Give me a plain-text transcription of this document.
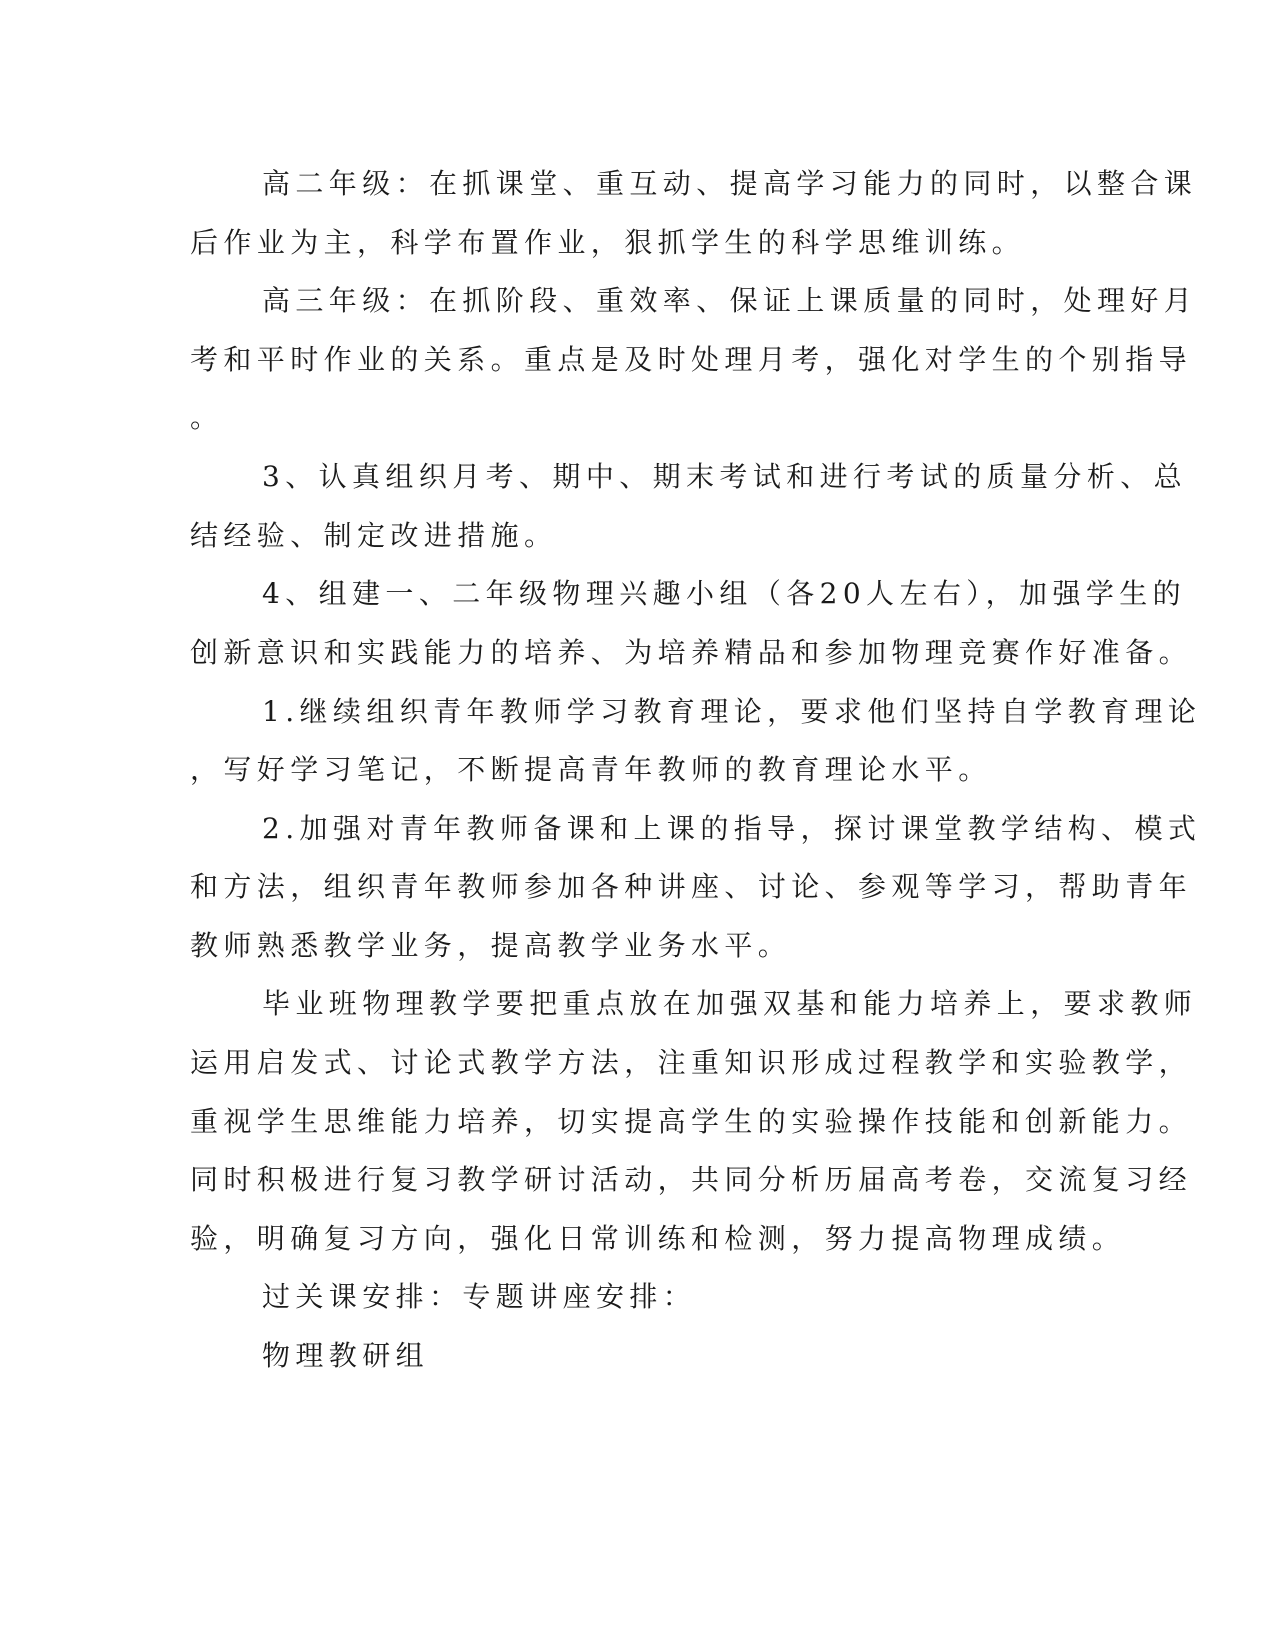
高二年级：在抓课堂、重互动、提高学习能力的同时，以整合课
后作业为主，科学布置作业，狠抓学生的科学思维训练。
高三年级：在抓阶段、重效率、保证上课质量的同时，处理好月
考和平时作业的关系。重点是及时处理月考，强化对学生的个别指导
。
3、认真组织月考、期中、期末考试和进行考试的质量分析、总
结经验、制定改进措施。
4、组建一、二年级物理兴趣小组（各20人左右），加强学生的
创新意识和实践能力的培养、为培养精品和参加物理竞赛作好准备。
1.继续组织青年教师学习教育理论，要求他们坚持自学教育理论
，写好学习笔记，不断提高青年教师的教育理论水平。
2.加强对青年教师备课和上课的指导，探讨课堂教学结构、模式
和方法，组织青年教师参加各种讲座、讨论、参观等学习，帮助青年
教师熟悉教学业务，提高教学业务水平。
毕业班物理教学要把重点放在加强双基和能力培养上，要求教师
运用启发式、讨论式教学方法，注重知识形成过程教学和实验教学，
重视学生思维能力培养，切实提高学生的实验操作技能和创新能力。
同时积极进行复习教学研讨活动，共同分析历届高考卷，交流复习经
验，明确复习方向，强化日常训练和检测，努力提高物理成绩。
过关课安排：专题讲座安排：
物理教研组
